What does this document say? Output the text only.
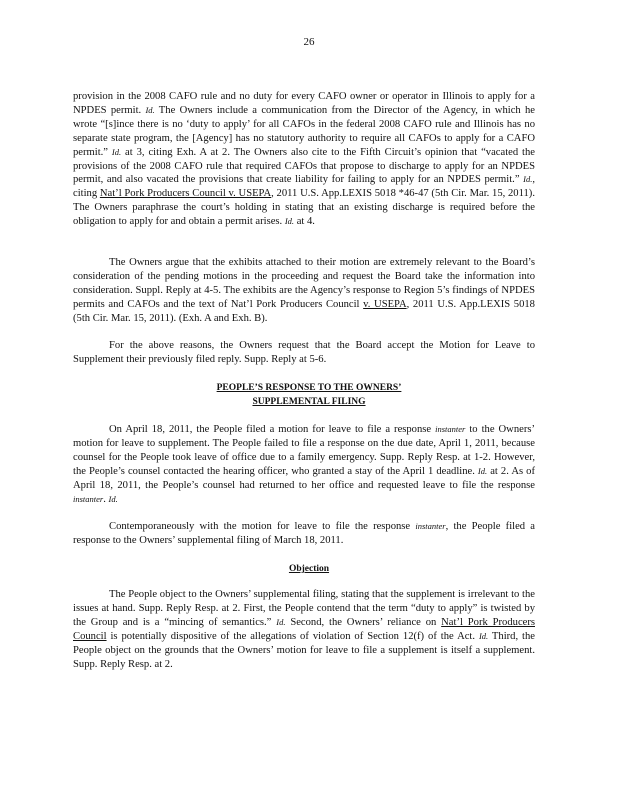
26

provision in the 2008 CAFO rule and no duty for every CAFO owner or operator in Illinois to apply for a NPDES permit. Id. The Owners include a communication from the Director of the Agency, in which he wrote “[s]ince there is no ‘duty to apply’ for all CAFOs in the federal 2008 CAFO rule and Illinois has no separate state program, the [Agency] has no statutory authority to require all CAFOs to apply for a CAFO permit.” Id. at 3, citing Exh. A at 2. The Owners also cite to the Fifth Circuit’s opinion that “vacated the provisions of the 2008 CAFO rule that required CAFOs that propose to discharge to apply for an NPDES permit, and also vacated the provisions that create liability for failing to apply for an NPDES permit.” Id., citing Nat’l Pork Producers Council v. USEPA, 2011 U.S. App.LEXIS 5018 *46-47 (5th Cir. Mar. 15, 2011). The Owners paraphrase the court’s holding in stating that an existing discharge is required before the obligation to apply for and obtain a permit arises. Id. at 4.

The Owners argue that the exhibits attached to their motion are extremely relevant to the Board’s consideration of the pending motions in the proceeding and request the Board take the information into consideration. Suppl. Reply at 4-5. The exhibits are the Agency’s response to Region 5’s findings of NPDES permits and CAFOs and the text of Nat’l Pork Producers Council v. USEPA, 2011 U.S. App.LEXIS 5018 (5th Cir. Mar. 15, 2011). (Exh. A and Exh. B).

For the above reasons, the Owners request that the Board accept the Motion for Leave to Supplement their previously filed reply. Supp. Reply at 5-6.

PEOPLE’S RESPONSE TO THE OWNERS’
SUPPLEMENTAL FILING

On April 18, 2011, the People filed a motion for leave to file a response instanter to the Owners’ motion for leave to supplement. The People failed to file a response on the due date, April 1, 2011, because counsel for the People took leave of office due to a family emergency. Supp. Reply Resp. at 1-2. However, the People’s counsel contacted the hearing officer, who granted a stay of the April 1 deadline. Id. at 2. As of April 18, 2011, the People’s counsel had returned to her office and requested leave to file the response instanter. Id.

Contemporaneously with the motion for leave to file the response instanter, the People filed a response to the Owners’ supplemental filing of March 18, 2011.

Objection

The People object to the Owners’ supplemental filing, stating that the supplement is irrelevant to the issues at hand. Supp. Reply Resp. at 2. First, the People contend that the term “duty to apply” is twisted by the Group and is a “mincing of semantics.” Id. Second, the Owners’ reliance on Nat’l Pork Producers Council is potentially dispositive of the allegations of violation of Section 12(f) of the Act. Id. Third, the People object on the grounds that the Owners’ motion for leave to file a supplement is itself a supplement. Supp. Reply Resp. at 2.
